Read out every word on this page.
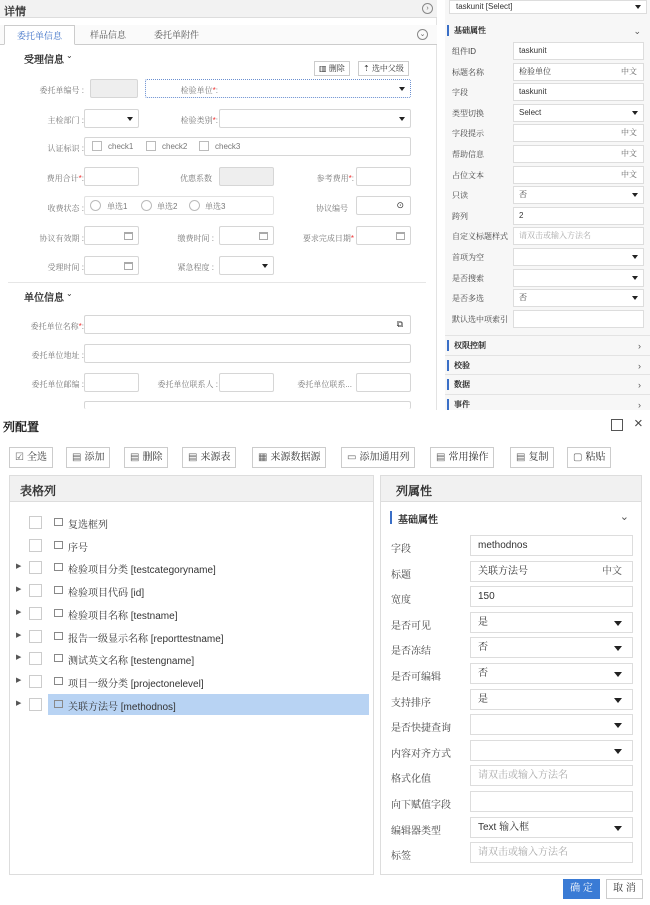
详情	›
委托单信息	样品信息	委托单附件	⌄
受理信息 ⌄
▥ 删除	⇡ 选中父级
委托单编号 :	检验单位*:
主检部门 :	检验类别*:
认证标识 :	check1	check2	check3
费用合计*:	优惠系数	参考费用*:
收费状态 :	单选1	单选2	单选3	协议编号	⊙
协议有效期 :	缴费时间 :	要求完成日期*
受理时间 :	紧急程度 :
单位信息 ⌄
委托单位名称*:	⧉
委托单位地址 :
委托单位邮编 :	委托单位联系人 :	委托单位联系...
taskunit [Select]
基础属性	⌄
组件ID	taskunit
标题名称	检验单位	中文
字段	taskunit
类型切换	Select
字段提示	中文
帮助信息	中文
占位文本	中文
只读	否
跨列	2
自定义标题样式	请双击或输入方法名
首项为空
是否搜索
是否多选	否
默认选中项索引
权限控制	›
校验	›
数据	›
事件	›
列配置	×
☑ 全选	▤ 添加	▤ 删除	▤ 来源表	▦ 来源数据源	▭ 添加通用列	▤ 常用操作	▤ 复制	▢ 粘贴
表格列
复选框列
序号
▶	检验项目分类 [testcategoryname]
▶	检验项目代码 [id]
▶	检验项目名称 [testname]
▶	报告一级显示名称 [reporttestname]
▶	测试英文名称 [testengname]
▶	项目一级分类 [projectonelevel]
▶	关联方法号 [methodnos]
列属性
基础属性	⌄
字段	methodnos
标题	关联方法号	中文
宽度	150
是否可见	是
是否冻结	否
是否可编辑	否
支持排序	是
是否快捷查询
内容对齐方式
格式化值	请双击或输入方法名
向下赋值字段
编辑器类型	Text 输入框
标签	请双击或输入方法名
确 定	取 消
